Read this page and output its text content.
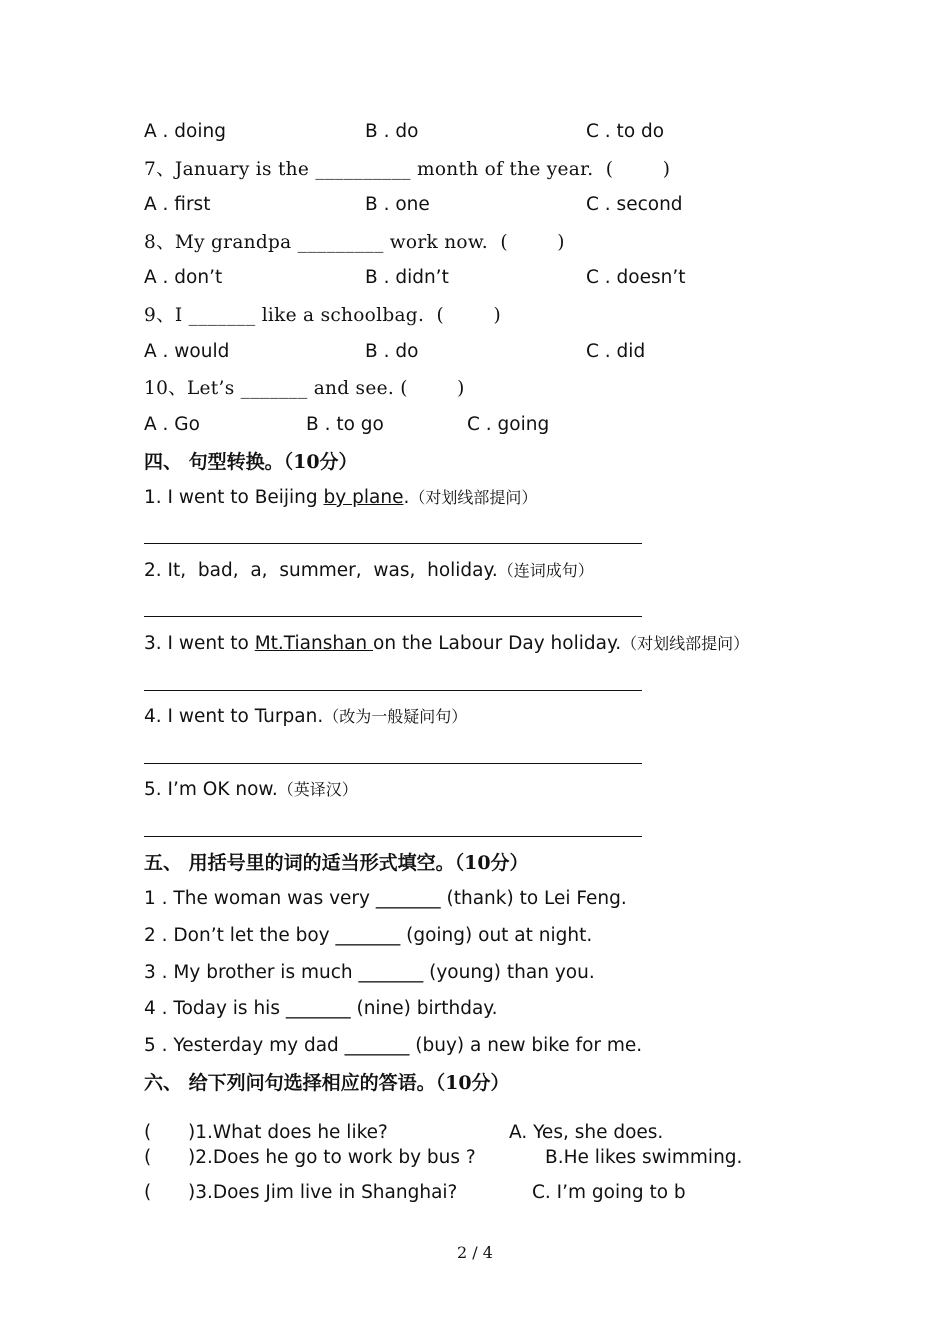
A . doing	B . do	C . to do
7、January is the __________ month of the year.  (        )
A . first	B . one	C . second
8、My grandpa _________ work now.  (        )
A . don’t	B . didn’t	C . doesn’t
9、I _______ like a schoolbag.  (        )
A . would	B . do	C . did
10、Let’s _______ and see. (        )
A . Go	B . to go	C . going
四、 句型转换。（10分）
1. I went to Beijing by plane.（对划线部提问）
2. It,  bad,  a,  summer,  was,  holiday.（连词成句）
3. I went to Mt.Tianshan on the Labour Day holiday.（对划线部提问）
4. I went to Turpan.（改为一般疑问句）
5. I’m OK now.（英译汉）
五、 用括号里的词的适当形式填空。（10分）
1 . The woman was very _______ (thank) to Lei Feng.
2 . Don’t let the boy _______ (going) out at night.
3 . My brother is much _______ (young) than you.
4 . Today is his _______ (nine) birthday.
5 . Yesterday my dad _______ (buy) a new bike for me.
六、 给下列问句选择相应的答语。（10分）
( )1.What does he like?	A. Yes, she does.
( )2.Does he go to work by bus ?	B.He likes swimming.
( )3.Does Jim live in Shanghai?	C. I’m going to b
2 / 4
